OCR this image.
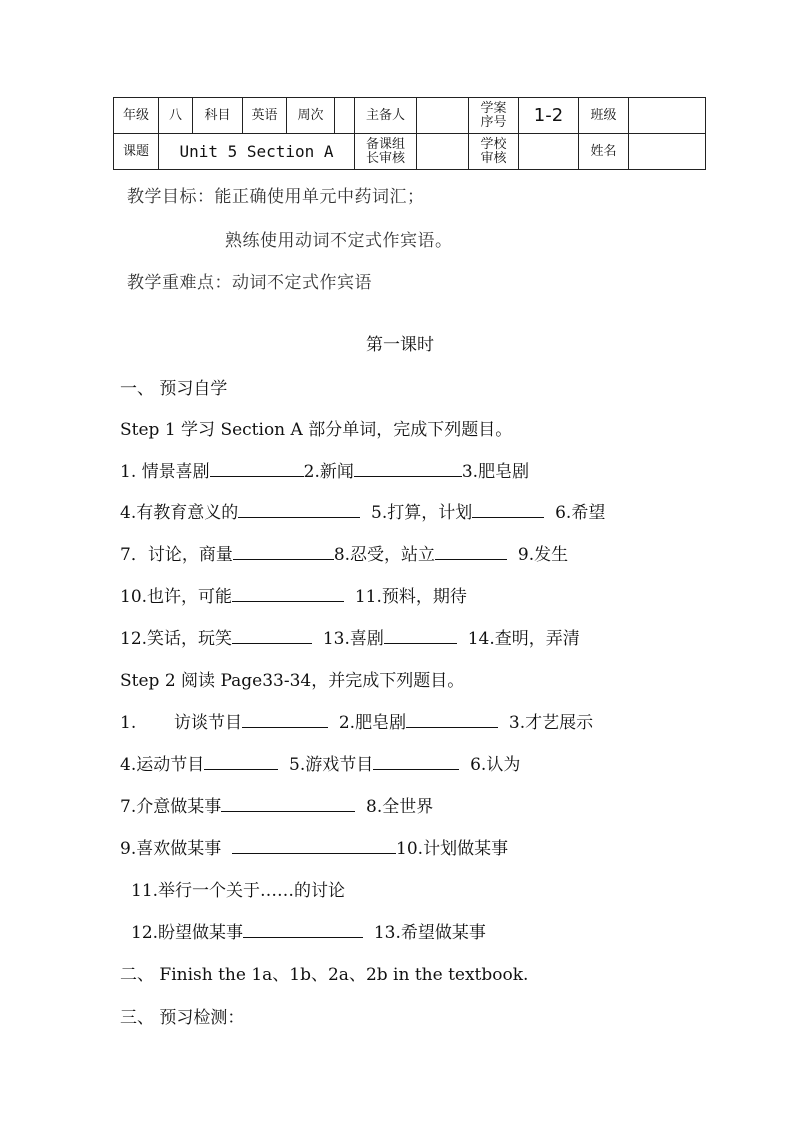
年级	八	科目	英语	周次		主备人		学案序号	1-2	班级	
课题	Unit 5 Section A					备课组长审核		学校审核		姓名	
教学目标：能正确使用单元中药词汇；
熟练使用动词不定式作宾语。
教学重难点：动词不定式作宾语
第一课时
一、 预习自学
Step 1 学习 Section A 部分单词，完成下列题目。
1. 情景喜剧	2.新闻	3.肥皂剧
4.有教育意义的	5.打算，计划	6.希望
7．讨论，商量	8.忍受，站立	9.发生
10.也许，可能	11.预料，期待
12.笑话，玩笑	13.喜剧	14.查明，弄清
Step 2 阅读 Page33-34，并完成下列题目。
1.       访谈节目	2.肥皂剧	3.才艺展示
4.运动节目	5.游戏节目	6.认为
7.介意做某事	8.全世界
9.喜欢做某事	10.计划做某事
11.举行一个关于……的讨论
12.盼望做某事	13.希望做某事
二、 Finish the 1a、1b、2a、2b in the textbook.
三、 预习检测：
